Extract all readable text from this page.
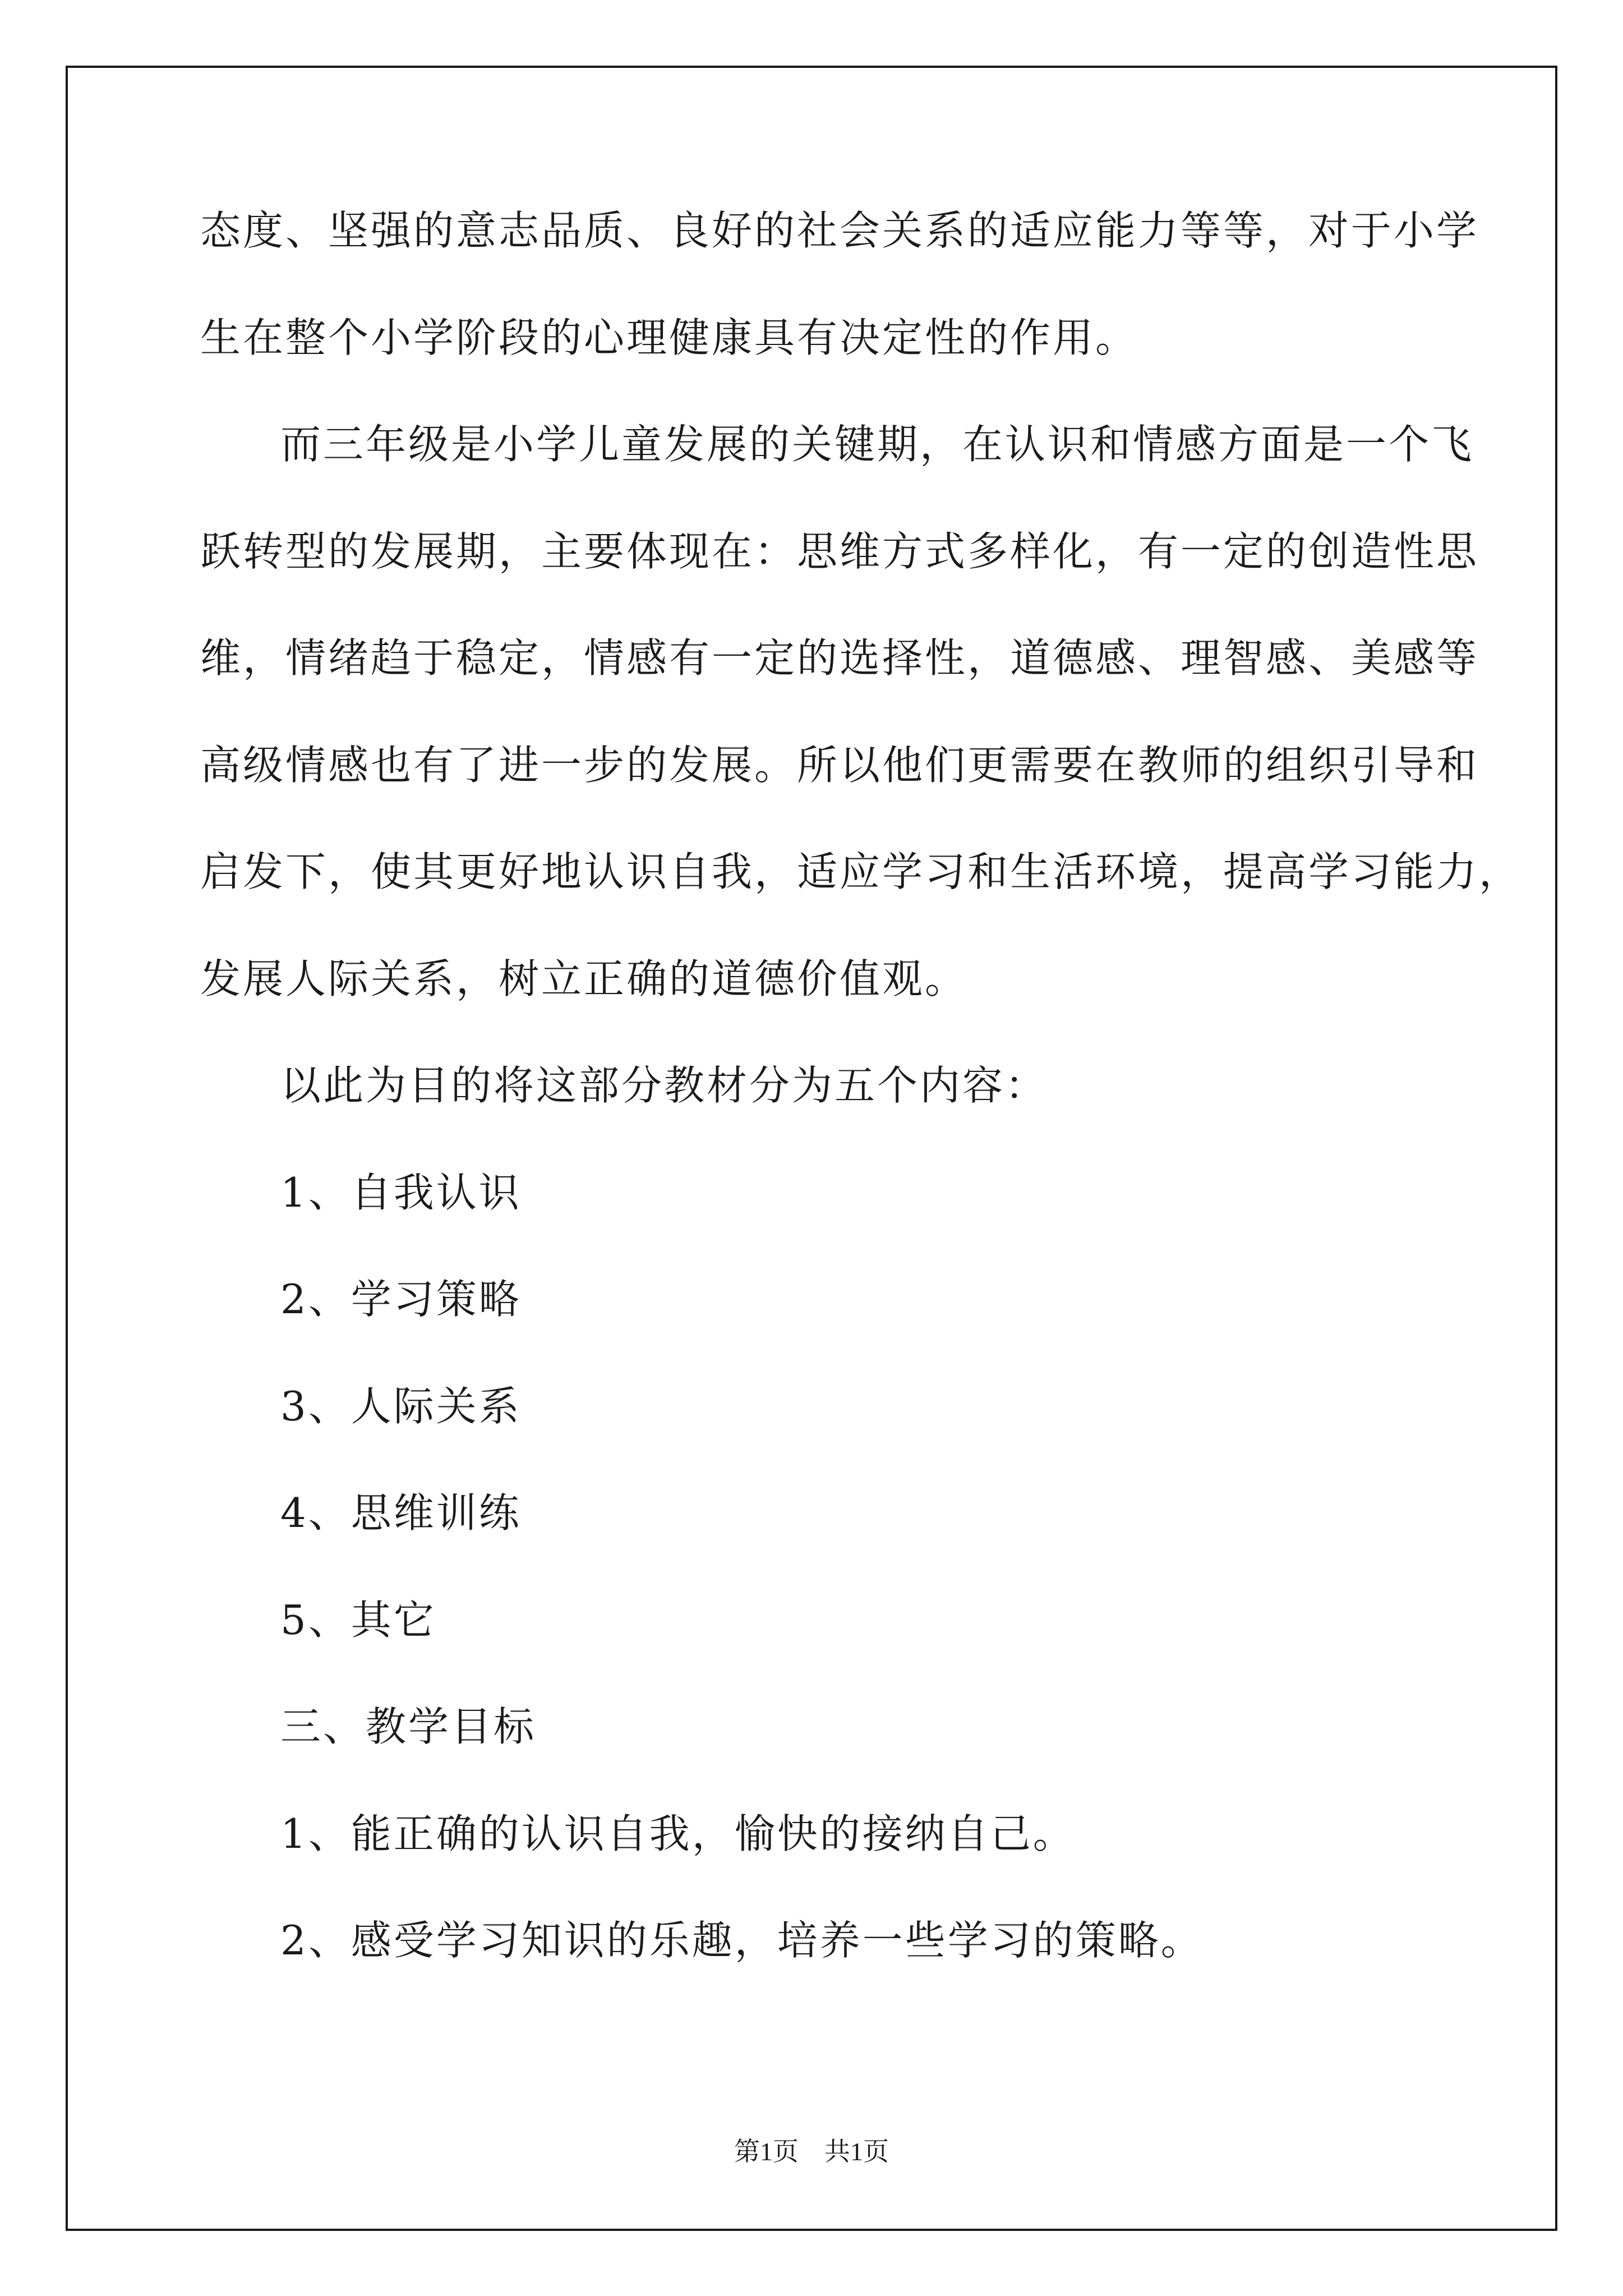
态度、坚强的意志品质、良好的社会关系的适应能力等等，对于小学
生在整个小学阶段的心理健康具有决定性的作用。
而三年级是小学儿童发展的关键期，在认识和情感方面是一个飞
跃转型的发展期，主要体现在：思维方式多样化，有一定的创造性思
维，情绪趋于稳定，情感有一定的选择性，道德感、理智感、美感等
高级情感也有了进一步的发展。所以他们更需要在教师的组织引导和
启发下，使其更好地认识自我，适应学习和生活环境，提高学习能力，
发展人际关系，树立正确的道德价值观。
以此为目的将这部分教材分为五个内容：
1、自我认识
2、学习策略
3、人际关系
4、思维训练
5、其它
三、教学目标
1、能正确的认识自我，愉快的接纳自己。
2、感受学习知识的乐趣，培养一些学习的策略。
第1页　共1页
